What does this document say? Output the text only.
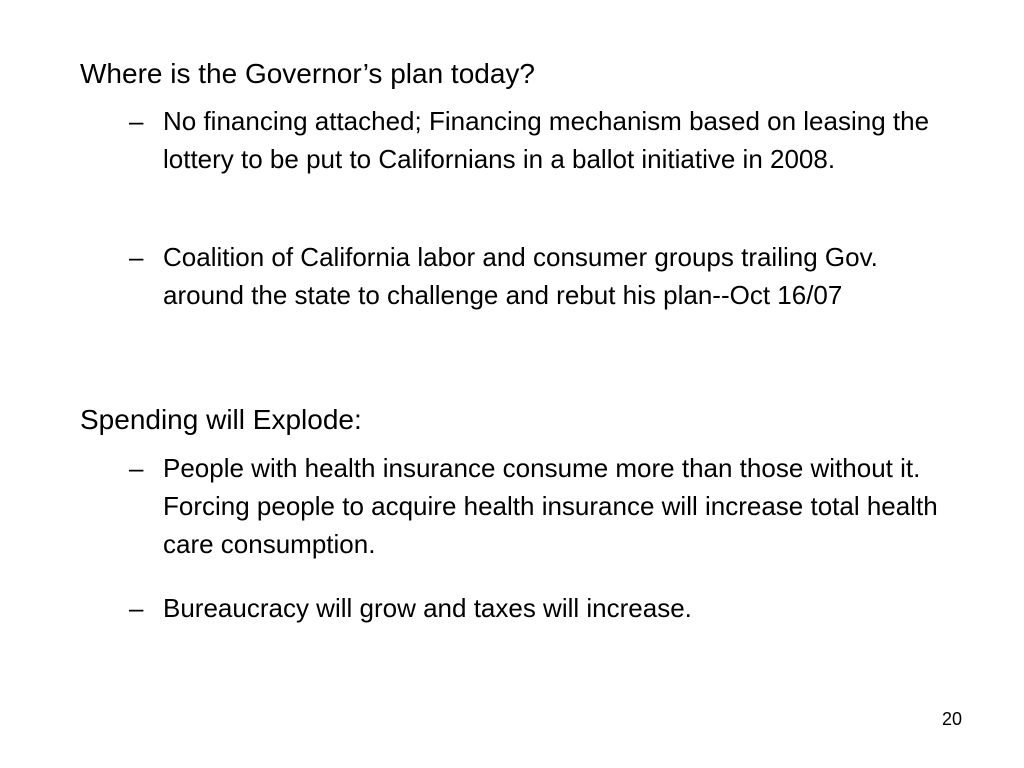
Where is the Governor’s plan today?
– No financing attached; Financing mechanism based on leasing the lottery to be put to Californians in a ballot initiative in 2008.
– Coalition of California labor and consumer groups trailing Gov. around the state to challenge and rebut his plan--Oct 16/07
Spending will Explode:
– People with health insurance consume more than those without it. Forcing people to acquire health insurance will increase total health care consumption.
– Bureaucracy will grow and taxes will increase.
20
